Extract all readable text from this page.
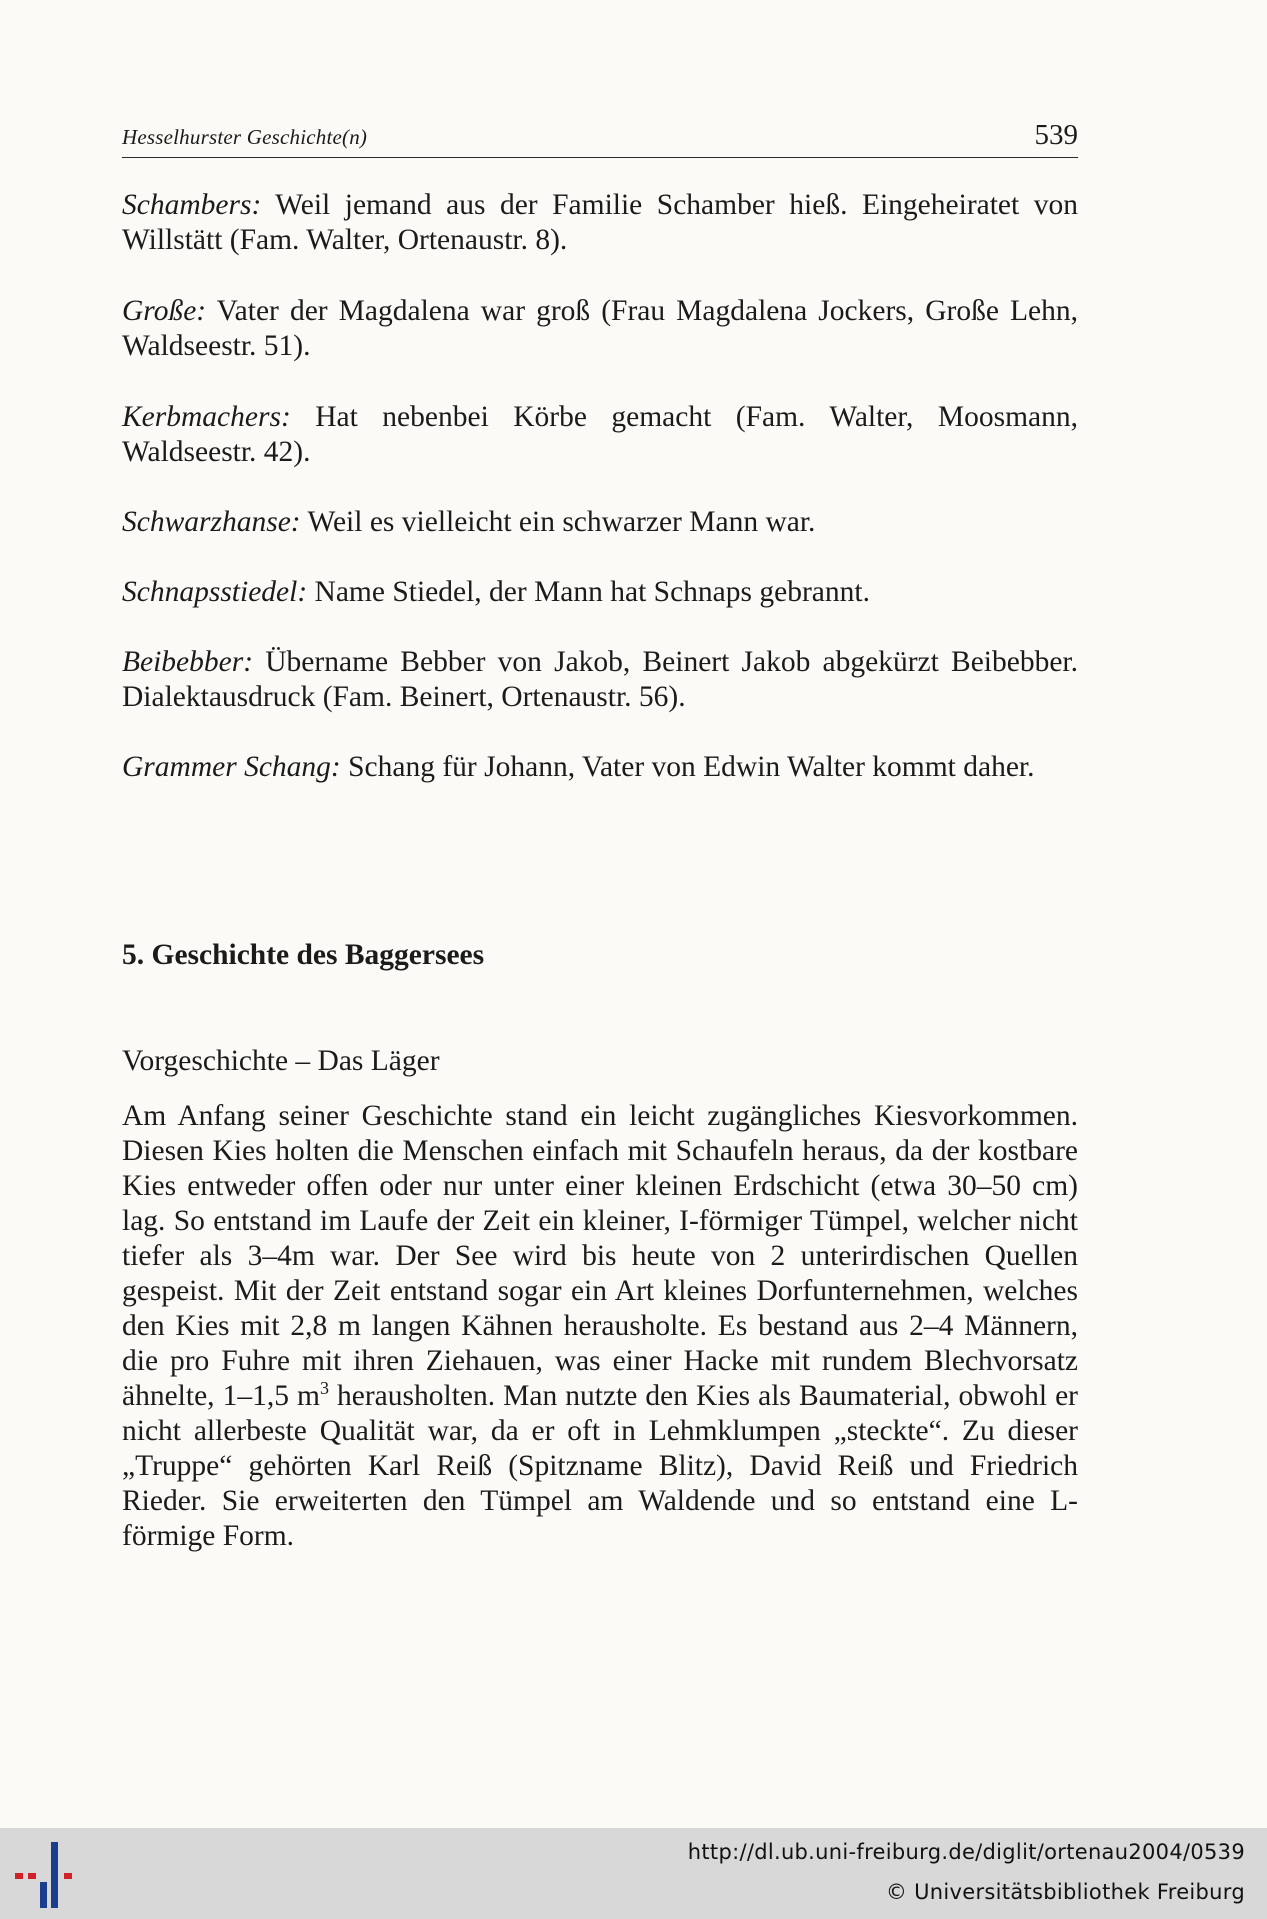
Hesselhurster Geschichte(n)	539

Schambers: Weil jemand aus der Familie Schamber hieß. Eingeheiratet von Willstätt (Fam. Walter, Ortenaustr. 8).

Große: Vater der Magdalena war groß (Frau Magdalena Jockers, Große Lehn, Waldseestr. 51).

Kerbmachers: Hat nebenbei Körbe gemacht (Fam. Walter, Moosmann, Waldseestr. 42).

Schwarzhanse: Weil es vielleicht ein schwarzer Mann war.

Schnapsstiedel: Name Stiedel, der Mann hat Schnaps gebrannt.

Beibebber: Übername Bebber von Jakob, Beinert Jakob abgekürzt Beibebber. Dialektausdruck (Fam. Beinert, Ortenaustr. 56).

Grammer Schang: Schang für Johann, Vater von Edwin Walter kommt daher.

5. Geschichte des Baggersees

Vorgeschichte – Das Läger

Am Anfang seiner Geschichte stand ein leicht zugängliches Kiesvorkommen. Diesen Kies holten die Menschen einfach mit Schaufeln heraus, da der kostbare Kies entweder offen oder nur unter einer kleinen Erdschicht (etwa 30–50 cm) lag. So entstand im Laufe der Zeit ein kleiner, I-förmiger Tümpel, welcher nicht tiefer als 3–4m war. Der See wird bis heute von 2 unterirdischen Quellen gespeist. Mit der Zeit entstand sogar ein Art kleines Dorfunternehmen, welches den Kies mit 2,8 m langen Kähnen herausholte. Es bestand aus 2–4 Männern, die pro Fuhre mit ihren Ziehauen, was einer Hacke mit rundem Blechvorsatz ähnelte, 1–1,5 $m^3$ herausholten. Man nutzte den Kies als Baumaterial, obwohl er nicht allerbeste Qualität war, da er oft in Lehmklumpen „steckte“. Zu dieser „Truppe“ gehörten Karl Reiß (Spitzname Blitz), David Reiß und Friedrich Rieder. Sie erweiterten den Tümpel am Waldende und so entstand eine L-förmige Form.

http://dl.ub.uni-freiburg.de/diglit/ortenau2004/0539
© Universitätsbibliothek Freiburg
